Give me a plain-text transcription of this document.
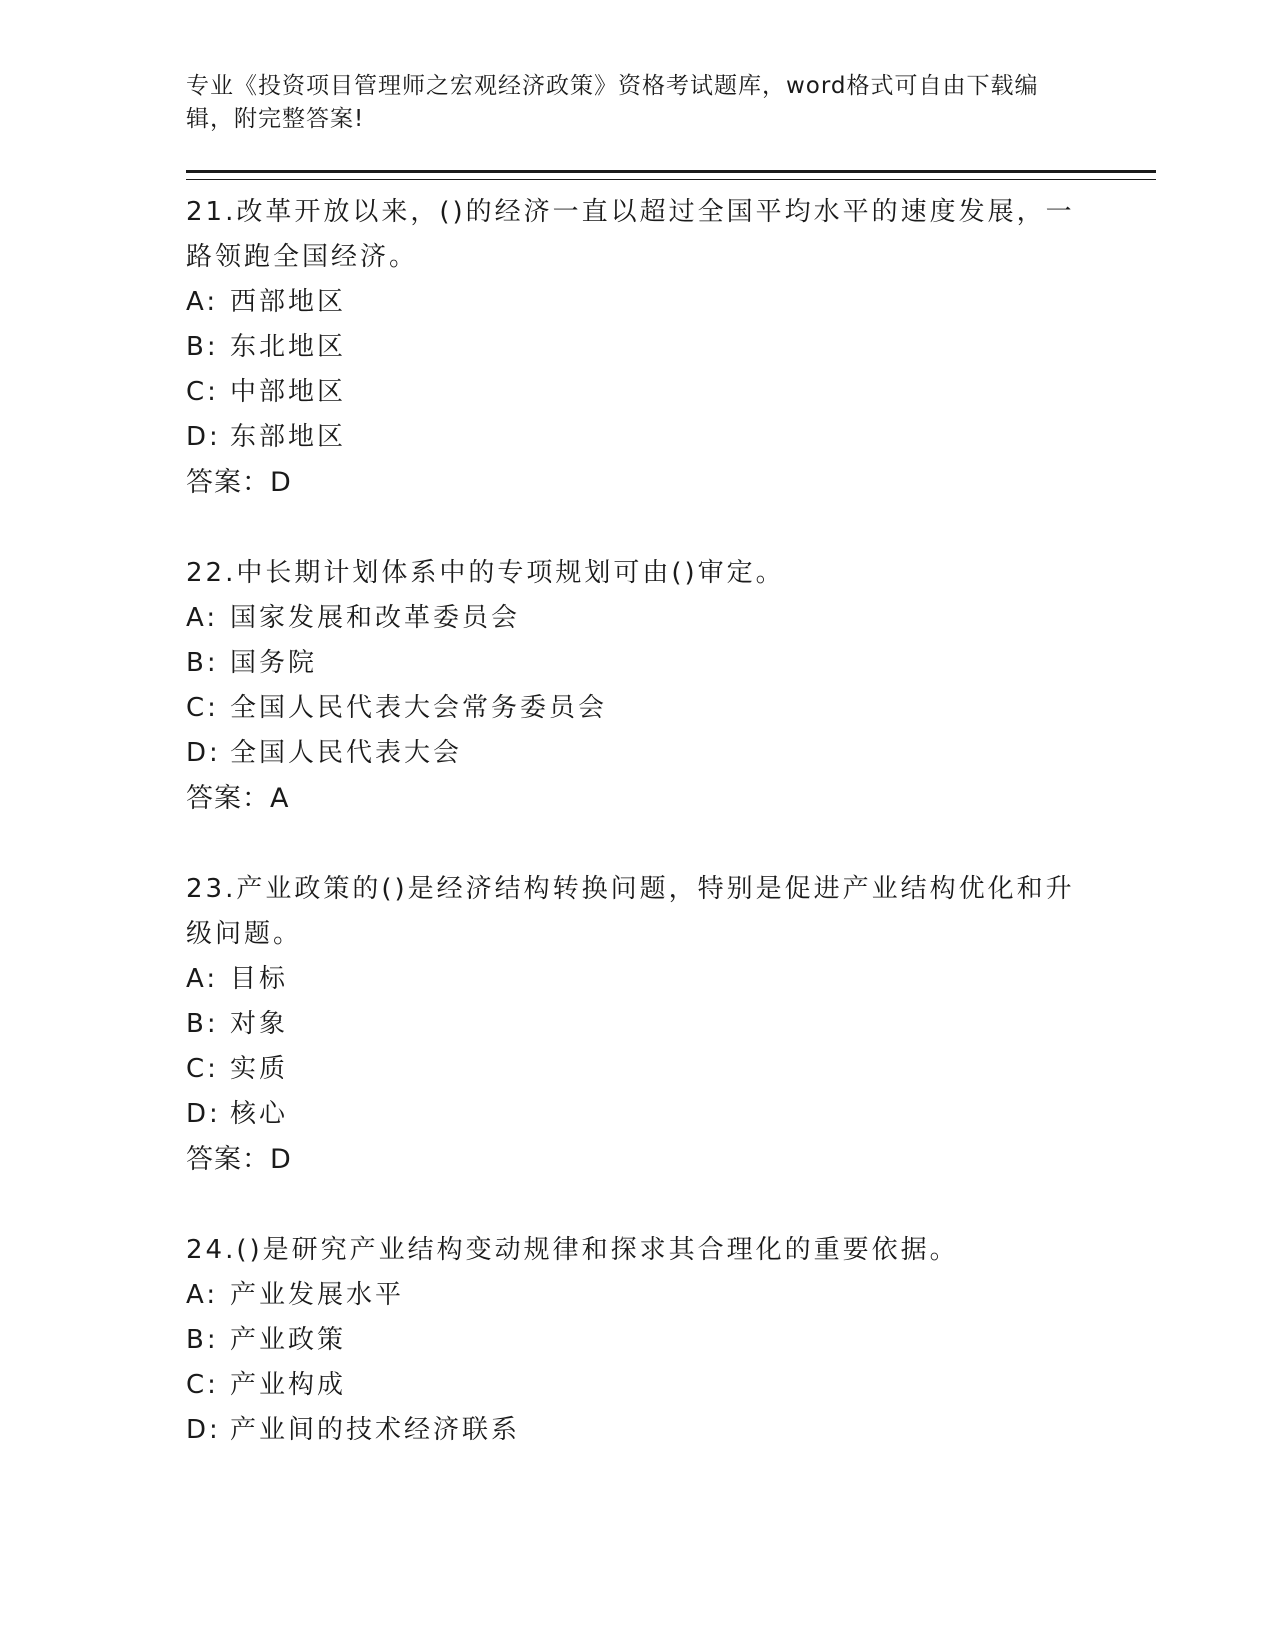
专业《投资项目管理师之宏观经济政策》资格考试题库，word格式可自由下载编辑，附完整答案!

21.改革开放以来，()的经济一直以超过全国平均水平的速度发展，一路领跑全国经济。

A: 西部地区
B: 东北地区
C: 中部地区
D: 东部地区
答案：D

22.中长期计划体系中的专项规划可由()审定。

A: 国家发展和改革委员会
B: 国务院
C: 全国人民代表大会常务委员会
D: 全国人民代表大会
答案：A

23.产业政策的()是经济结构转换问题，特别是促进产业结构优化和升级问题。

A: 目标
B: 对象
C: 实质
D: 核心
答案：D

24.()是研究产业结构变动规律和探求其合理化的重要依据。

A: 产业发展水平
B: 产业政策
C: 产业构成
D: 产业间的技术经济联系
